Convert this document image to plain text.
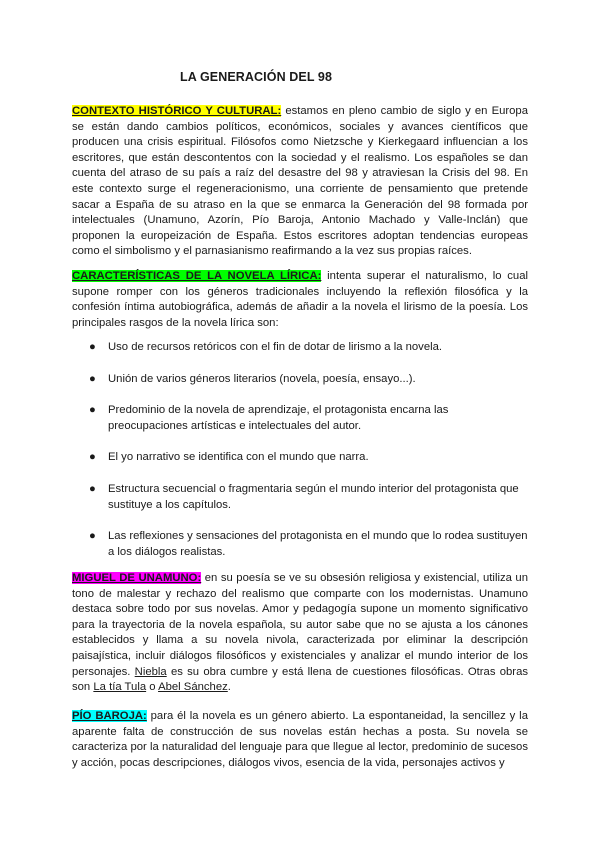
LA GENERACIÓN DEL 98

CONTEXTO HISTÓRICO Y CULTURAL: estamos en pleno cambio de siglo y en Europa se están dando cambios políticos, económicos, sociales y avances científicos que producen una crisis espiritual. Filósofos como Nietzsche y Kierkegaard influencian a los escritores, que están descontentos con la sociedad y el realismo. Los españoles se dan cuenta del atraso de su país a raíz del desastre del 98 y atraviesan la Crisis del 98. En este contexto surge el regeneracionismo, una corriente de pensamiento que pretende sacar a España de su atraso en la que se enmarca la Generación del 98 formada por intelectuales (Unamuno, Azorín, Pío Baroja, Antonio Machado y Valle-Inclán) que proponen la europeización de España. Estos escritores adoptan tendencias europeas como el simbolismo y el parnasianismo reafirmando a la vez sus propias raíces.

CARACTERÍSTICAS DE LA NOVELA LÍRICA: intenta superar el naturalismo, lo cual supone romper con los géneros tradicionales incluyendo la reflexión filosófica y la confesión íntima autobiográfica, además de añadir a la novela el lirismo de la poesía. Los principales rasgos de la novela lírica son:

● Uso de recursos retóricos con el fin de dotar de lirismo a la novela.
● Unión de varios géneros literarios (novela, poesía, ensayo...).
● Predominio de la novela de aprendizaje, el protagonista encarna las preocupaciones artísticas e intelectuales del autor.
● El yo narrativo se identifica con el mundo que narra.
● Estructura secuencial o fragmentaria según el mundo interior del protagonista que sustituye a los capítulos.
● Las reflexiones y sensaciones del protagonista en el mundo que lo rodea sustituyen a los diálogos realistas.

MIGUEL DE UNAMUNO: en su poesía se ve su obsesión religiosa y existencial, utiliza un tono de malestar y rechazo del realismo que comparte con los modernistas. Unamuno destaca sobre todo por sus novelas. Amor y pedagogía supone un momento significativo para la trayectoria de la novela española, su autor sabe que no se ajusta a los cánones establecidos y llama a su novela nivola, caracterizada por eliminar la descripción paisajística, incluir diálogos filosóficos y existenciales y analizar el mundo interior de los personajes. Niebla es su obra cumbre y está llena de cuestiones filosóficas. Otras obras son La tía Tula o Abel Sánchez.

PÍO BAROJA: para él la novela es un género abierto. La espontaneidad, la sencillez y la aparente falta de construcción de sus novelas están hechas a posta. Su novela se caracteriza por la naturalidad del lenguaje para que llegue al lector, predominio de sucesos y acción, pocas descripciones, diálogos vivos, esencia de la vida, personajes activos y
